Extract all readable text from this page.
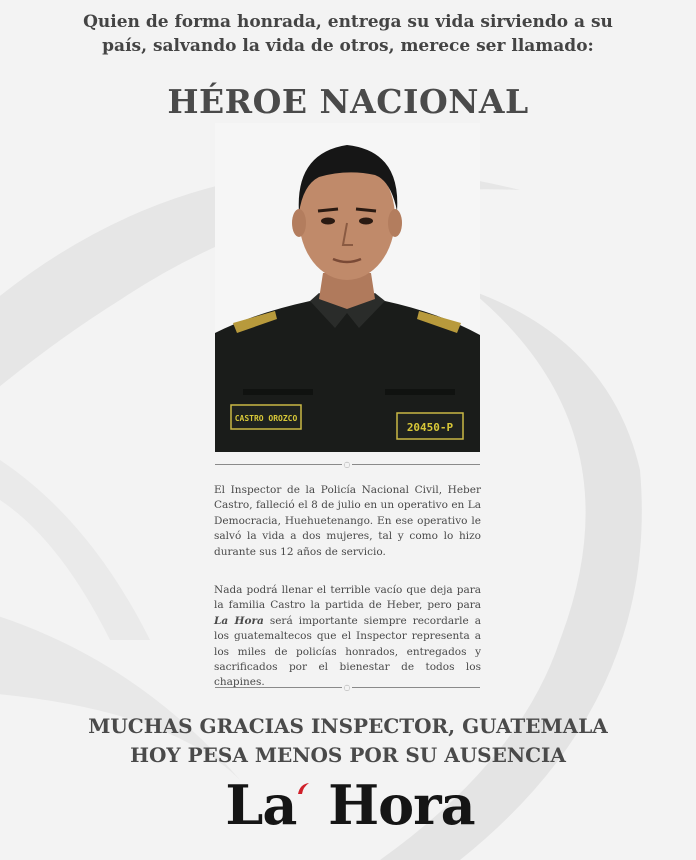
Quien de forma honrada, entrega su vida sirviendo a su
país, salvando la vida de otros, merece ser llamado:
HÉROE NACIONAL
CASTRO OROZCO
20450-P
◌
El Inspector de la Policía Nacional Civil, Heber Castro, falleció el 8 de julio en un operativo en La Democracia, Huehuetenango. En ese operativo le salvó la vida a dos mujeres, tal y como lo hizo durante sus 12 años de servicio.
Nada podrá llenar el terrible vacío que deja para la familia Castro la partida de Heber, pero para La Hora será importante siempre recordarle a los guatemaltecos que el Inspector representa a los miles de policías honrados, entregados y sacrificados por el bienestar de todos los chapines.	◌
MUCHAS GRACIAS INSPECTOR, GUATEMALA
HOY PESA MENOS POR SU AUSENCIA
La Hora
